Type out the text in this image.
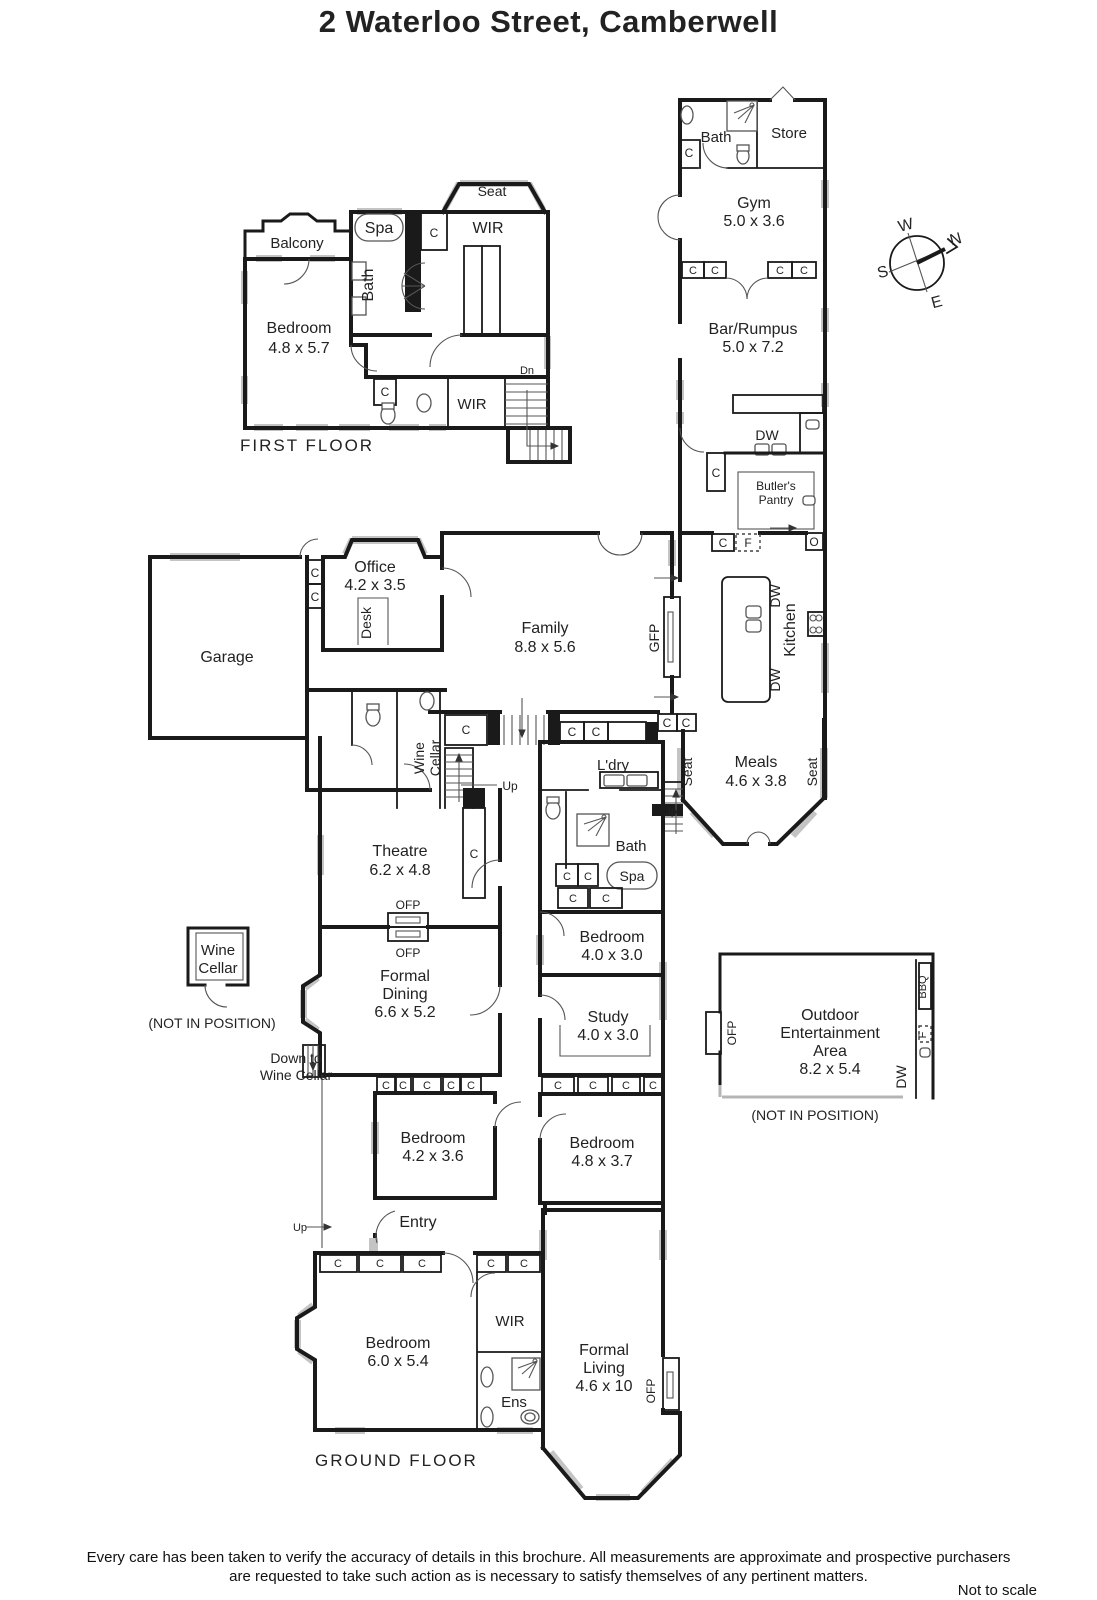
2 Waterloo Street, Camberwell
Seat
Balcony
C WIR
Spa
Bath
Bedroom
4.8 x 5.7
C
WIR
Dn
FIRST FLOOR
Bath
C
Store
Gym
5.0 x 3.6
C C	C C
Bar/Rumpus
5.0 x 7.2
DW
C
Butler's
Pantry
C F	O
DW
Kitchen
DW
Meals
4.6 x 3.8
Seat	Seat
Up
Garage
Office
4.2 x 3.5
Desk
C
C
Family
8.8 x 5.6	GFP
C	C C
C C
Wine Cellar
Up
Theatre
6.2 x 4.8
C
OFP
OFP
Bath
Spa
C C
C C
L'dry
Wine
Cellar
(NOT IN POSITION)
Down to
Wine Cellar
Formal
Dining
6.6 x 5.2
Bedroom
4.0 x 3.0
Study
4.0 x 3.0
C C C C
C C C C C
Bedroom
4.2 x 3.6
Bedroom
4.8 x 3.7
Entry
Up
Bedroom
6.0 x 5.4
C	C	C	C C
WIR
Ens
Formal
Living
4.6 x 10 OFP
Outdoor
Entertainment
Area
8.2 x 5.4
OFP
BBQ
F
DW
(NOT IN POSITION)
GROUND FLOOR
W
N
S
E
Every care has been taken to verify the accuracy of details in this brochure. All measurements are approximate and prospective purchasers
are requested to take such action as is necessary to satisfy themselves of any pertinent matters.
Not to scale
